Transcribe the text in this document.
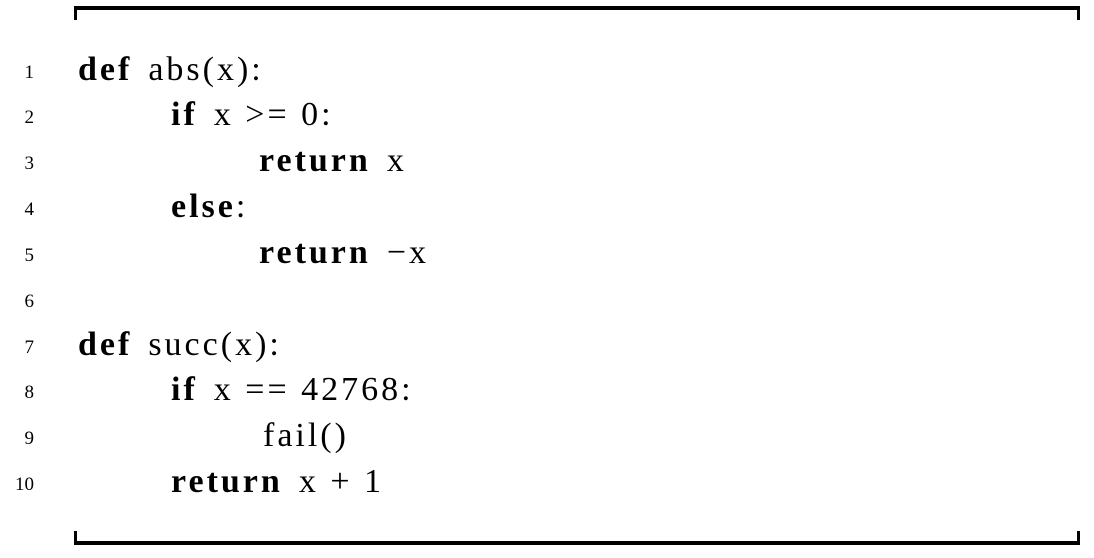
1 def abs(x):
2	if x >= 0:
3	return x
4	else:
5	return −x
6
7 def succ(x):
8	if x == 42768:
9	fail()
10	return x + 1
